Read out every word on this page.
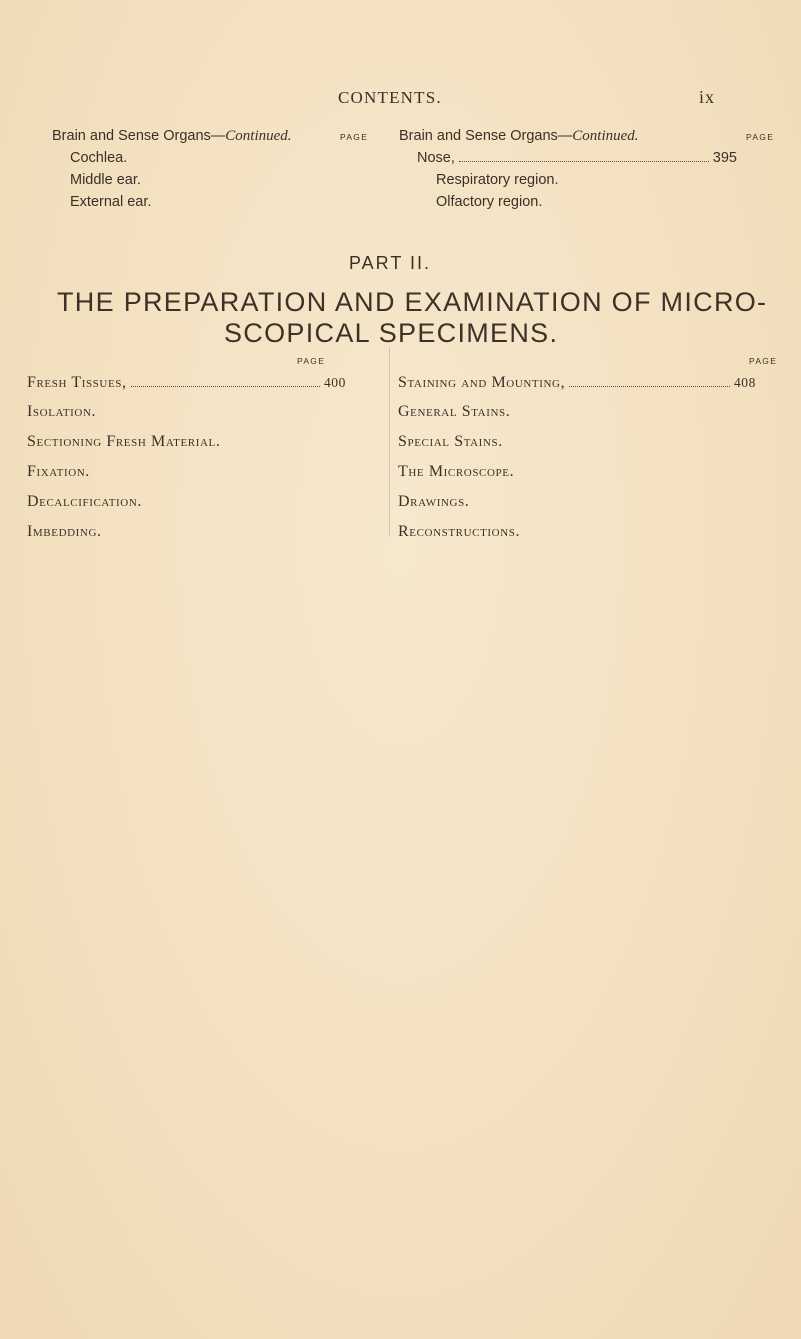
CONTENTS.	ix
Brain and Sense Organs—Continued.	PAGE
Cochlea.
Middle ear.
External ear.
Brain and Sense Organs—Continued.	PAGE
Nose,	395
Respiratory region.
Olfactory region.
PART II.
THE PREPARATION AND EXAMINATION OF MICRO-
SCOPICAL SPECIMENS.
PAGE	PAGE
Fresh Tissues,	400
Isolation.
Sectioning Fresh Material.
Fixation.
Decalcification.
Imbedding.
Staining and Mounting,	408
General Stains.
Special Stains.
The Microscope.
Drawings.
Reconstructions.
